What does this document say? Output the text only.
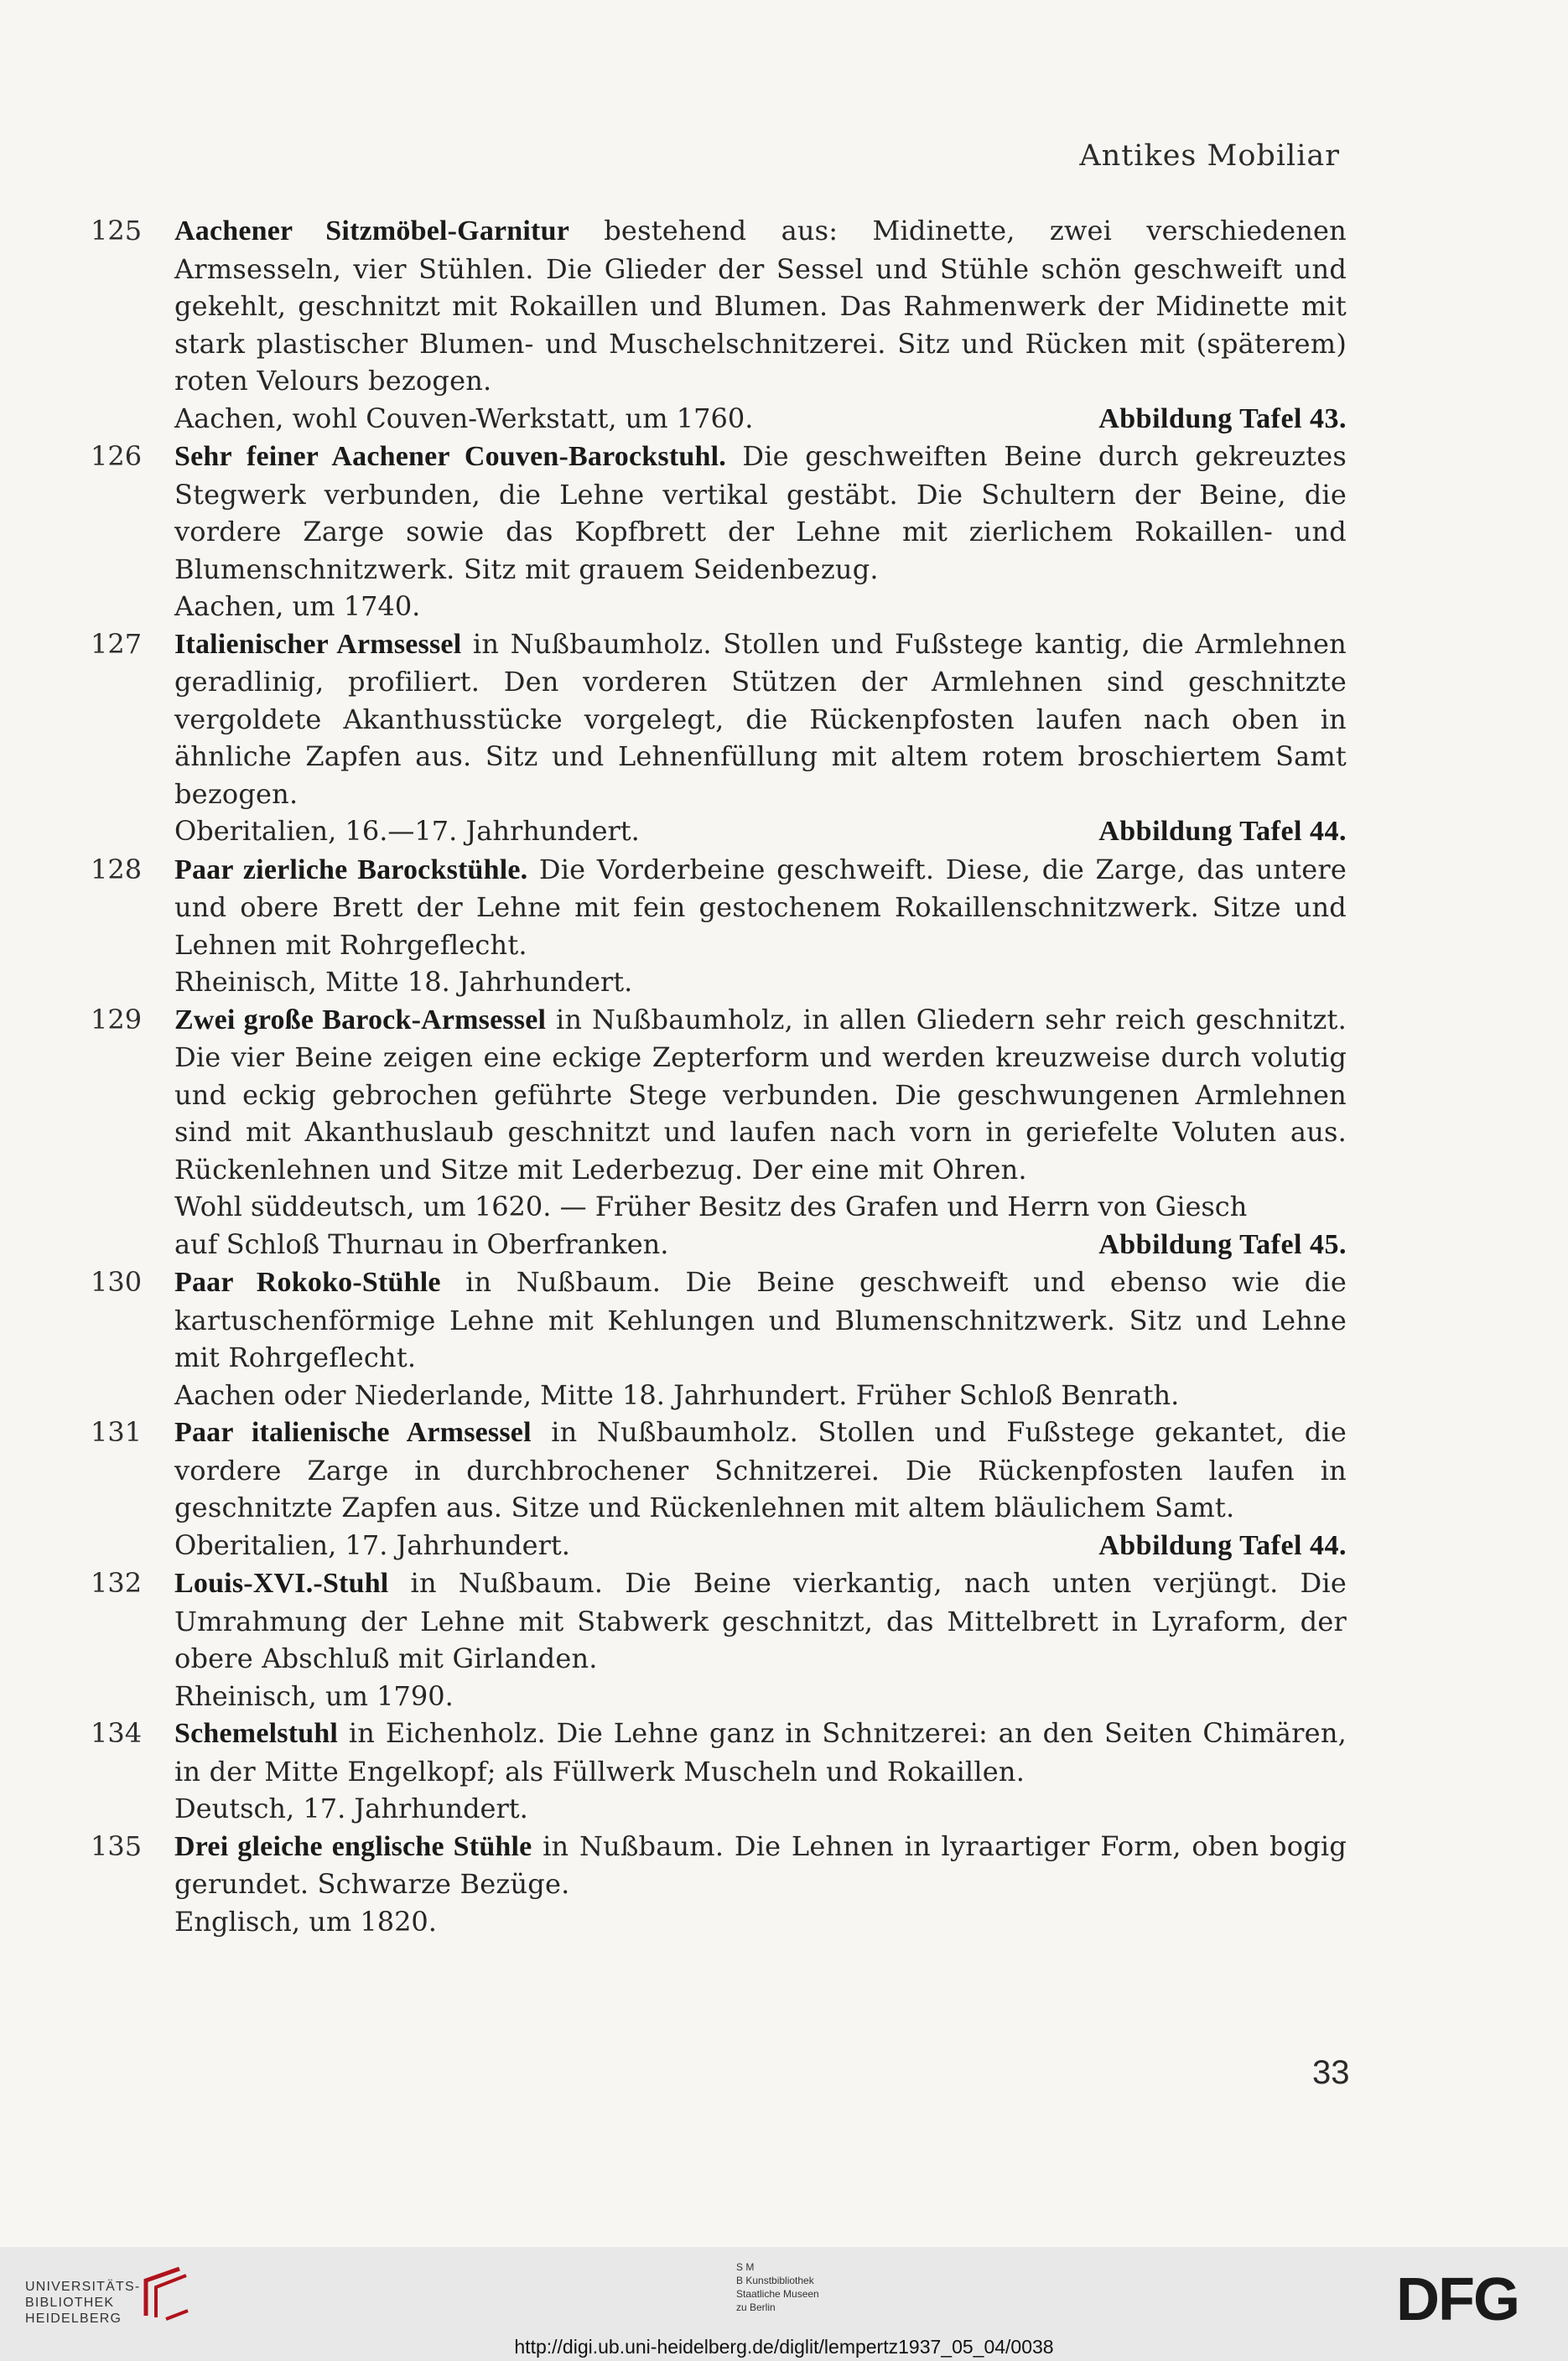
Antikes Mobiliar
125	Aachener Sitzmöbel-Garnitur bestehend aus: Midinette, zwei verschiedenen Armsesseln, vier Stühlen. Die Glieder der Sessel und Stühle schön geschweift und gekehlt, geschnitzt mit Rokaillen und Blumen. Das Rahmenwerk der Midinette mit stark plastischer Blumen- und Muschelschnitzerei. Sitz und Rücken mit (späterem) roten Velours bezogen.
Aachen, wohl Couven-Werkstatt, um 1760.	Abbildung Tafel 43.
126	Sehr feiner Aachener Couven-Barockstuhl. Die geschweiften Beine durch gekreuztes Stegwerk verbunden, die Lehne vertikal gestäbt. Die Schultern der Beine, die vordere Zarge sowie das Kopfbrett der Lehne mit zierlichem Rokaillen- und Blumenschnitzwerk. Sitz mit grauem Seidenbezug.
Aachen, um 1740.
127	Italienischer Armsessel in Nußbaumholz. Stollen und Fußstege kantig, die Armlehnen geradlinig, profiliert. Den vorderen Stützen der Armlehnen sind geschnitzte vergoldete Akanthusstücke vorgelegt, die Rückenpfosten laufen nach oben in ähnliche Zapfen aus. Sitz und Lehnenfüllung mit altem rotem broschiertem Samt bezogen.
Oberitalien, 16.—17. Jahrhundert.	Abbildung Tafel 44.
128	Paar zierliche Barockstühle. Die Vorderbeine geschweift. Diese, die Zarge, das untere und obere Brett der Lehne mit fein gestochenem Rokaillenschnitzwerk. Sitze und Lehnen mit Rohrgeflecht.
Rheinisch, Mitte 18. Jahrhundert.
129	Zwei große Barock-Armsessel in Nußbaumholz, in allen Gliedern sehr reich geschnitzt. Die vier Beine zeigen eine eckige Zepterform und werden kreuzweise durch volutig und eckig gebrochen geführte Stege verbunden. Die geschwungenen Armlehnen sind mit Akanthuslaub geschnitzt und laufen nach vorn in geriefelte Voluten aus. Rückenlehnen und Sitze mit Lederbezug. Der eine mit Ohren.
Wohl süddeutsch, um 1620. — Früher Besitz des Grafen und Herrn von Giesch
auf Schloß Thurnau in Oberfranken.	Abbildung Tafel 45.
130	Paar Rokoko-Stühle in Nußbaum. Die Beine geschweift und ebenso wie die kartuschenförmige Lehne mit Kehlungen und Blumenschnitzwerk. Sitz und Lehne mit Rohrgeflecht.
Aachen oder Niederlande, Mitte 18. Jahrhundert. Früher Schloß Benrath.
131	Paar italienische Armsessel in Nußbaumholz. Stollen und Fußstege gekantet, die vordere Zarge in durchbrochener Schnitzerei. Die Rückenpfosten laufen in geschnitzte Zapfen aus. Sitze und Rückenlehnen mit altem bläulichem Samt.
Oberitalien, 17. Jahrhundert.	Abbildung Tafel 44.
132	Louis-XVI.-Stuhl in Nußbaum. Die Beine vierkantig, nach unten verjüngt. Die Umrahmung der Lehne mit Stabwerk geschnitzt, das Mittelbrett in Lyraform, der obere Abschluß mit Girlanden.
Rheinisch, um 1790.
134	Schemelstuhl in Eichenholz. Die Lehne ganz in Schnitzerei: an den Seiten Chimären, in der Mitte Engelkopf; als Füllwerk Muscheln und Rokaillen.
Deutsch, 17. Jahrhundert.
135	Drei gleiche englische Stühle in Nußbaum. Die Lehnen in lyraartiger Form, oben bogig gerundet. Schwarze Bezüge.
Englisch, um 1820.
33
UNIVERSITÄTS-
BIBLIOTHEK
HEIDELBERG
S M
B Kunstbibliothek
Staatliche Museen
zu Berlin	DFG
http://digi.ub.uni-heidelberg.de/diglit/lempertz1937_05_04/0038
